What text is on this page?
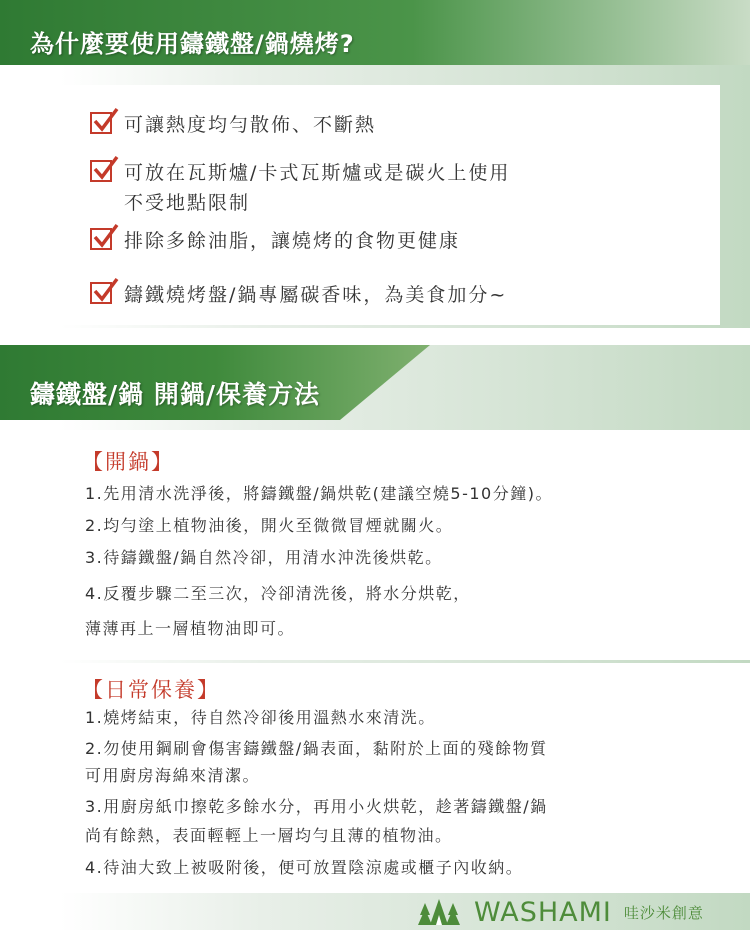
為什麼要使用鑄鐵盤/鍋燒烤?
可讓熱度均勻散佈、不斷熱
可放在瓦斯爐/卡式瓦斯爐或是碳火上使用
不受地點限制
排除多餘油脂，讓燒烤的食物更健康
鑄鐵燒烤盤/鍋專屬碳香味，為美食加分~
鑄鐵盤/鍋 開鍋/保養方法
【開鍋】
1.先用清水洗淨後，將鑄鐵盤/鍋烘乾(建議空燒5-10分鐘)。
2.均勻塗上植物油後，開火至微微冒煙就關火。
3.待鑄鐵盤/鍋自然冷卻，用清水沖洗後烘乾。
4.反覆步驟二至三次，冷卻清洗後，將水分烘乾，
薄薄再上一層植物油即可。
【日常保養】
1.燒烤結束，待自然冷卻後用溫熱水來清洗。
2.勿使用鋼刷會傷害鑄鐵盤/鍋表面，黏附於上面的殘餘物質
可用廚房海綿來清潔。
3.用廚房紙巾擦乾多餘水分，再用小火烘乾，趁著鑄鐵盤/鍋
尚有餘熱，表面輕輕上一層均勻且薄的植物油。
4.待油大致上被吸附後，便可放置陰涼處或櫃子內收納。
WASHAMI 哇沙米創意
